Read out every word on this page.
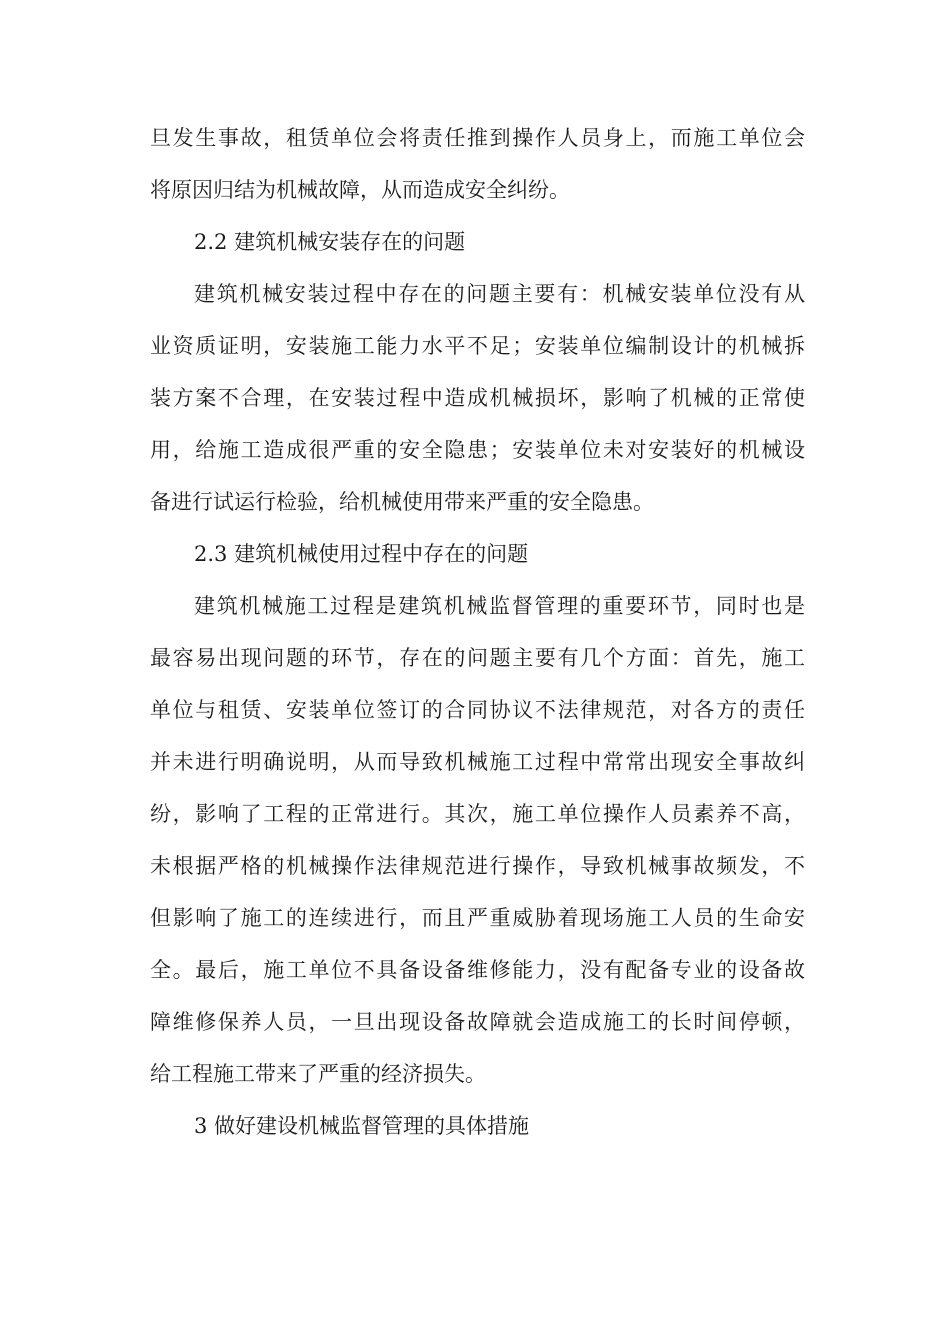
旦发生事故，租赁单位会将责任推到操作人员身上，而施工单位会
将原因归结为机械故障，从而造成安全纠纷。
2.2 建筑机械安装存在的问题
建筑机械安装过程中存在的问题主要有：机械安装单位没有从
业资质证明，安装施工能力水平不足；安装单位编制设计的机械拆
装方案不合理，在安装过程中造成机械损坏，影响了机械的正常使
用，给施工造成很严重的安全隐患；安装单位未对安装好的机械设
备进行试运行检验，给机械使用带来严重的安全隐患。
2.3 建筑机械使用过程中存在的问题
建筑机械施工过程是建筑机械监督管理的重要环节，同时也是
最容易出现问题的环节，存在的问题主要有几个方面：首先，施工
单位与租赁、安装单位签订的合同协议不法律规范，对各方的责任
并未进行明确说明，从而导致机械施工过程中常常出现安全事故纠
纷，影响了工程的正常进行。其次，施工单位操作人员素养不高，
未根据严格的机械操作法律规范进行操作，导致机械事故频发，不
但影响了施工的连续进行，而且严重威胁着现场施工人员的生命安
全。最后，施工单位不具备设备维修能力，没有配备专业的设备故
障维修保养人员，一旦出现设备故障就会造成施工的长时间停顿，
给工程施工带来了严重的经济损失。
3 做好建设机械监督管理的具体措施
